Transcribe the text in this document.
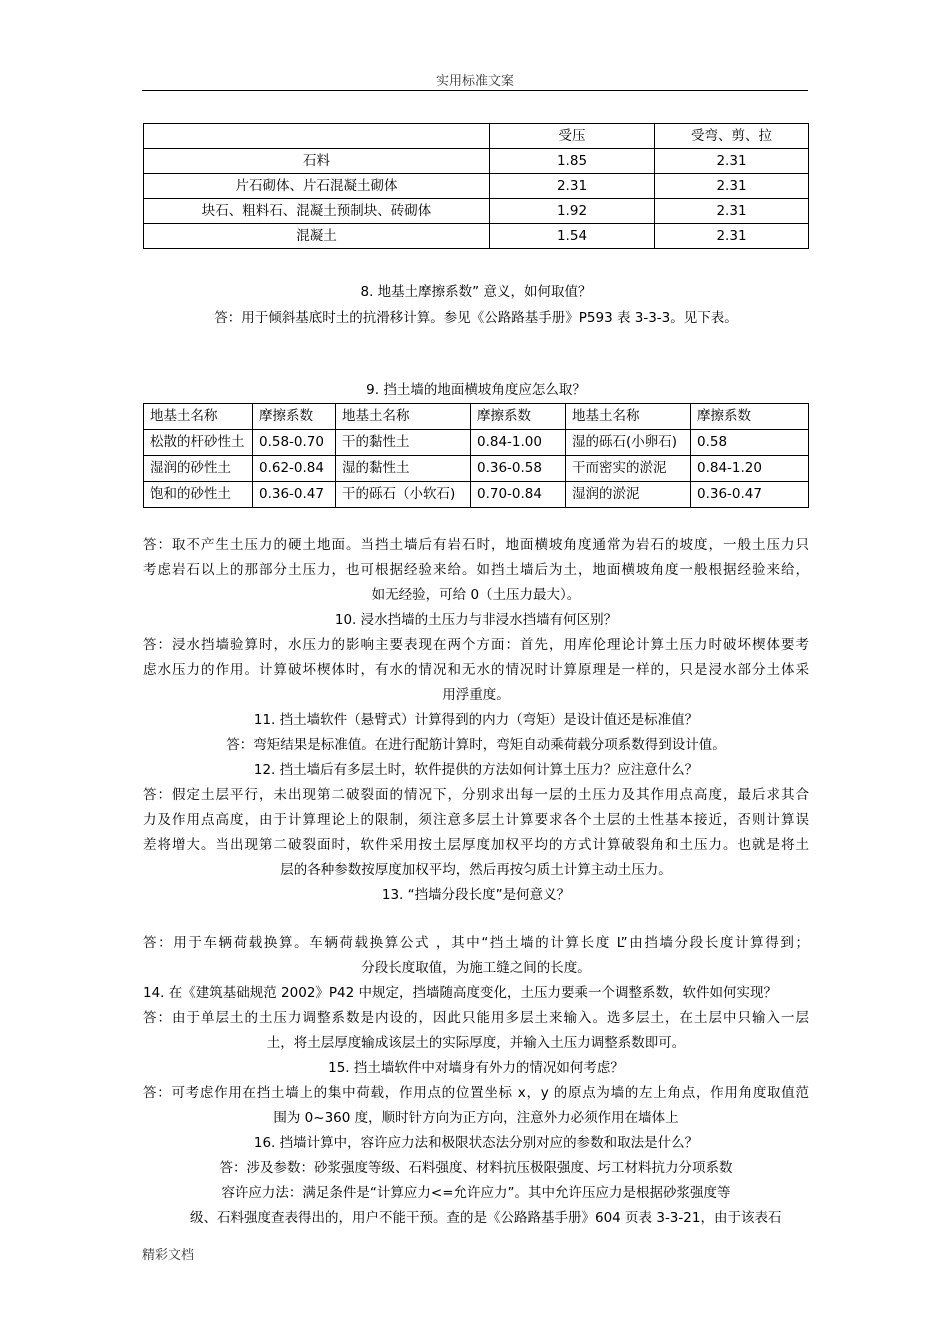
实用标准文案
	受压	受弯、剪、拉
石料	1.85	2.31
片石砌体、片石混凝土砌体	2.31	2.31
块石、粗料石、混凝土预制块、砖砌体	1.92	2.31
混凝土	1.54	2.31
8. 地基土摩擦系数” 意义，如何取值？
答：用于倾斜基底时土的抗滑移计算。参见《公路路基手册》P593 表 3-3-3。见下表。
9. 挡土墙的地面横坡角度应怎么取？
地基土名称	摩擦系数	地基土名称	摩擦系数	地基土名称	摩擦系数
松散的杆砂性土	0.58-0.70	干的黏性土	0.84-1.00	湿的砾石(小卵石)	0.58
湿润的砂性土	0.62-0.84	湿的黏性土	0.36-0.58	干而密实的淤泥	0.84-1.20
饱和的砂性土	0.36-0.47	干的砾石（小软石)	0.70-0.84	湿润的淤泥	0.36-0.47
答：取不产生土压力的硬土地面。当挡土墙后有岩石时，地面横坡角度通常为岩石的坡度，一般土压力只
考虑岩石以上的那部分土压力，也可根据经验来给。如挡土墙后为土，地面横坡角度一般根据经验来给，
如无经验，可给 0（土压力最大）。
10. 浸水挡墙的土压力与非浸水挡墙有何区别？
答：浸水挡墙验算时，水压力的影响主要表现在两个方面：首先，用库伦理论计算土压力时破坏楔体要考
虑水压力的作用。计算破坏楔体时，有水的情况和无水的情况时计算原理是一样的，只是浸水部分土体采
用浮重度。
11. 挡土墙软件（悬臂式）计算得到的内力（弯矩）是设计值还是标准值？
答：弯矩结果是标准值。在进行配筋计算时，弯矩自动乘荷载分项系数得到设计值。
12. 挡土墙后有多层土时，软件提供的方法如何计算土压力？应注意什么？
答：假定土层平行，未出现第二破裂面的情况下，分别求出每一层的土压力及其作用点高度，最后求其合
力及作用点高度，由于计算理论上的限制，须注意多层土计算要求各个土层的土性基本接近，否则计算误
差将增大。当出现第二破裂面时，软件采用按土层厚度加权平均的方式计算破裂角和土压力。也就是将土
层的各种参数按厚度加权平均，然后再按匀质土计算主动土压力。
13. “挡墙分段长度”是何意义？
答：用于车辆荷载换算。车辆荷载换算公式 ，其中“挡土墙的计算长度 L”由挡墙分段长度计算得到；
分段长度取值，为施工缝之间的长度。
14. 在《建筑基础规范 2002》P42 中规定，挡墙随高度变化，土压力要乘一个调整系数，软件如何实现？
答：由于单层土的土压力调整系数是内设的，因此只能用多层土来输入。选多层土，在土层中只输入一层
土，将土层厚度输成该层土的实际厚度，并输入土压力调整系数即可。
15. 挡土墙软件中对墙身有外力的情况如何考虑？
答：可考虑作用在挡土墙上的集中荷载，作用点的位置坐标 x，y 的原点为墙的左上角点，作用角度取值范
围为 0~360 度，顺时针方向为正方向，注意外力必须作用在墙体上
16. 挡墙计算中，容许应力法和极限状态法分别对应的参数和取法是什么？
答：涉及参数：砂浆强度等级、石料强度、材料抗压极限强度、圬工材料抗力分项系数
容许应力法：满足条件是“计算应力<=允许应力”。其中允许压应力是根据砂浆强度等
级、石料强度查表得出的，用户不能干预。查的是《公路路基手册》604 页表 3-3-21，由于该表石
精彩文档
